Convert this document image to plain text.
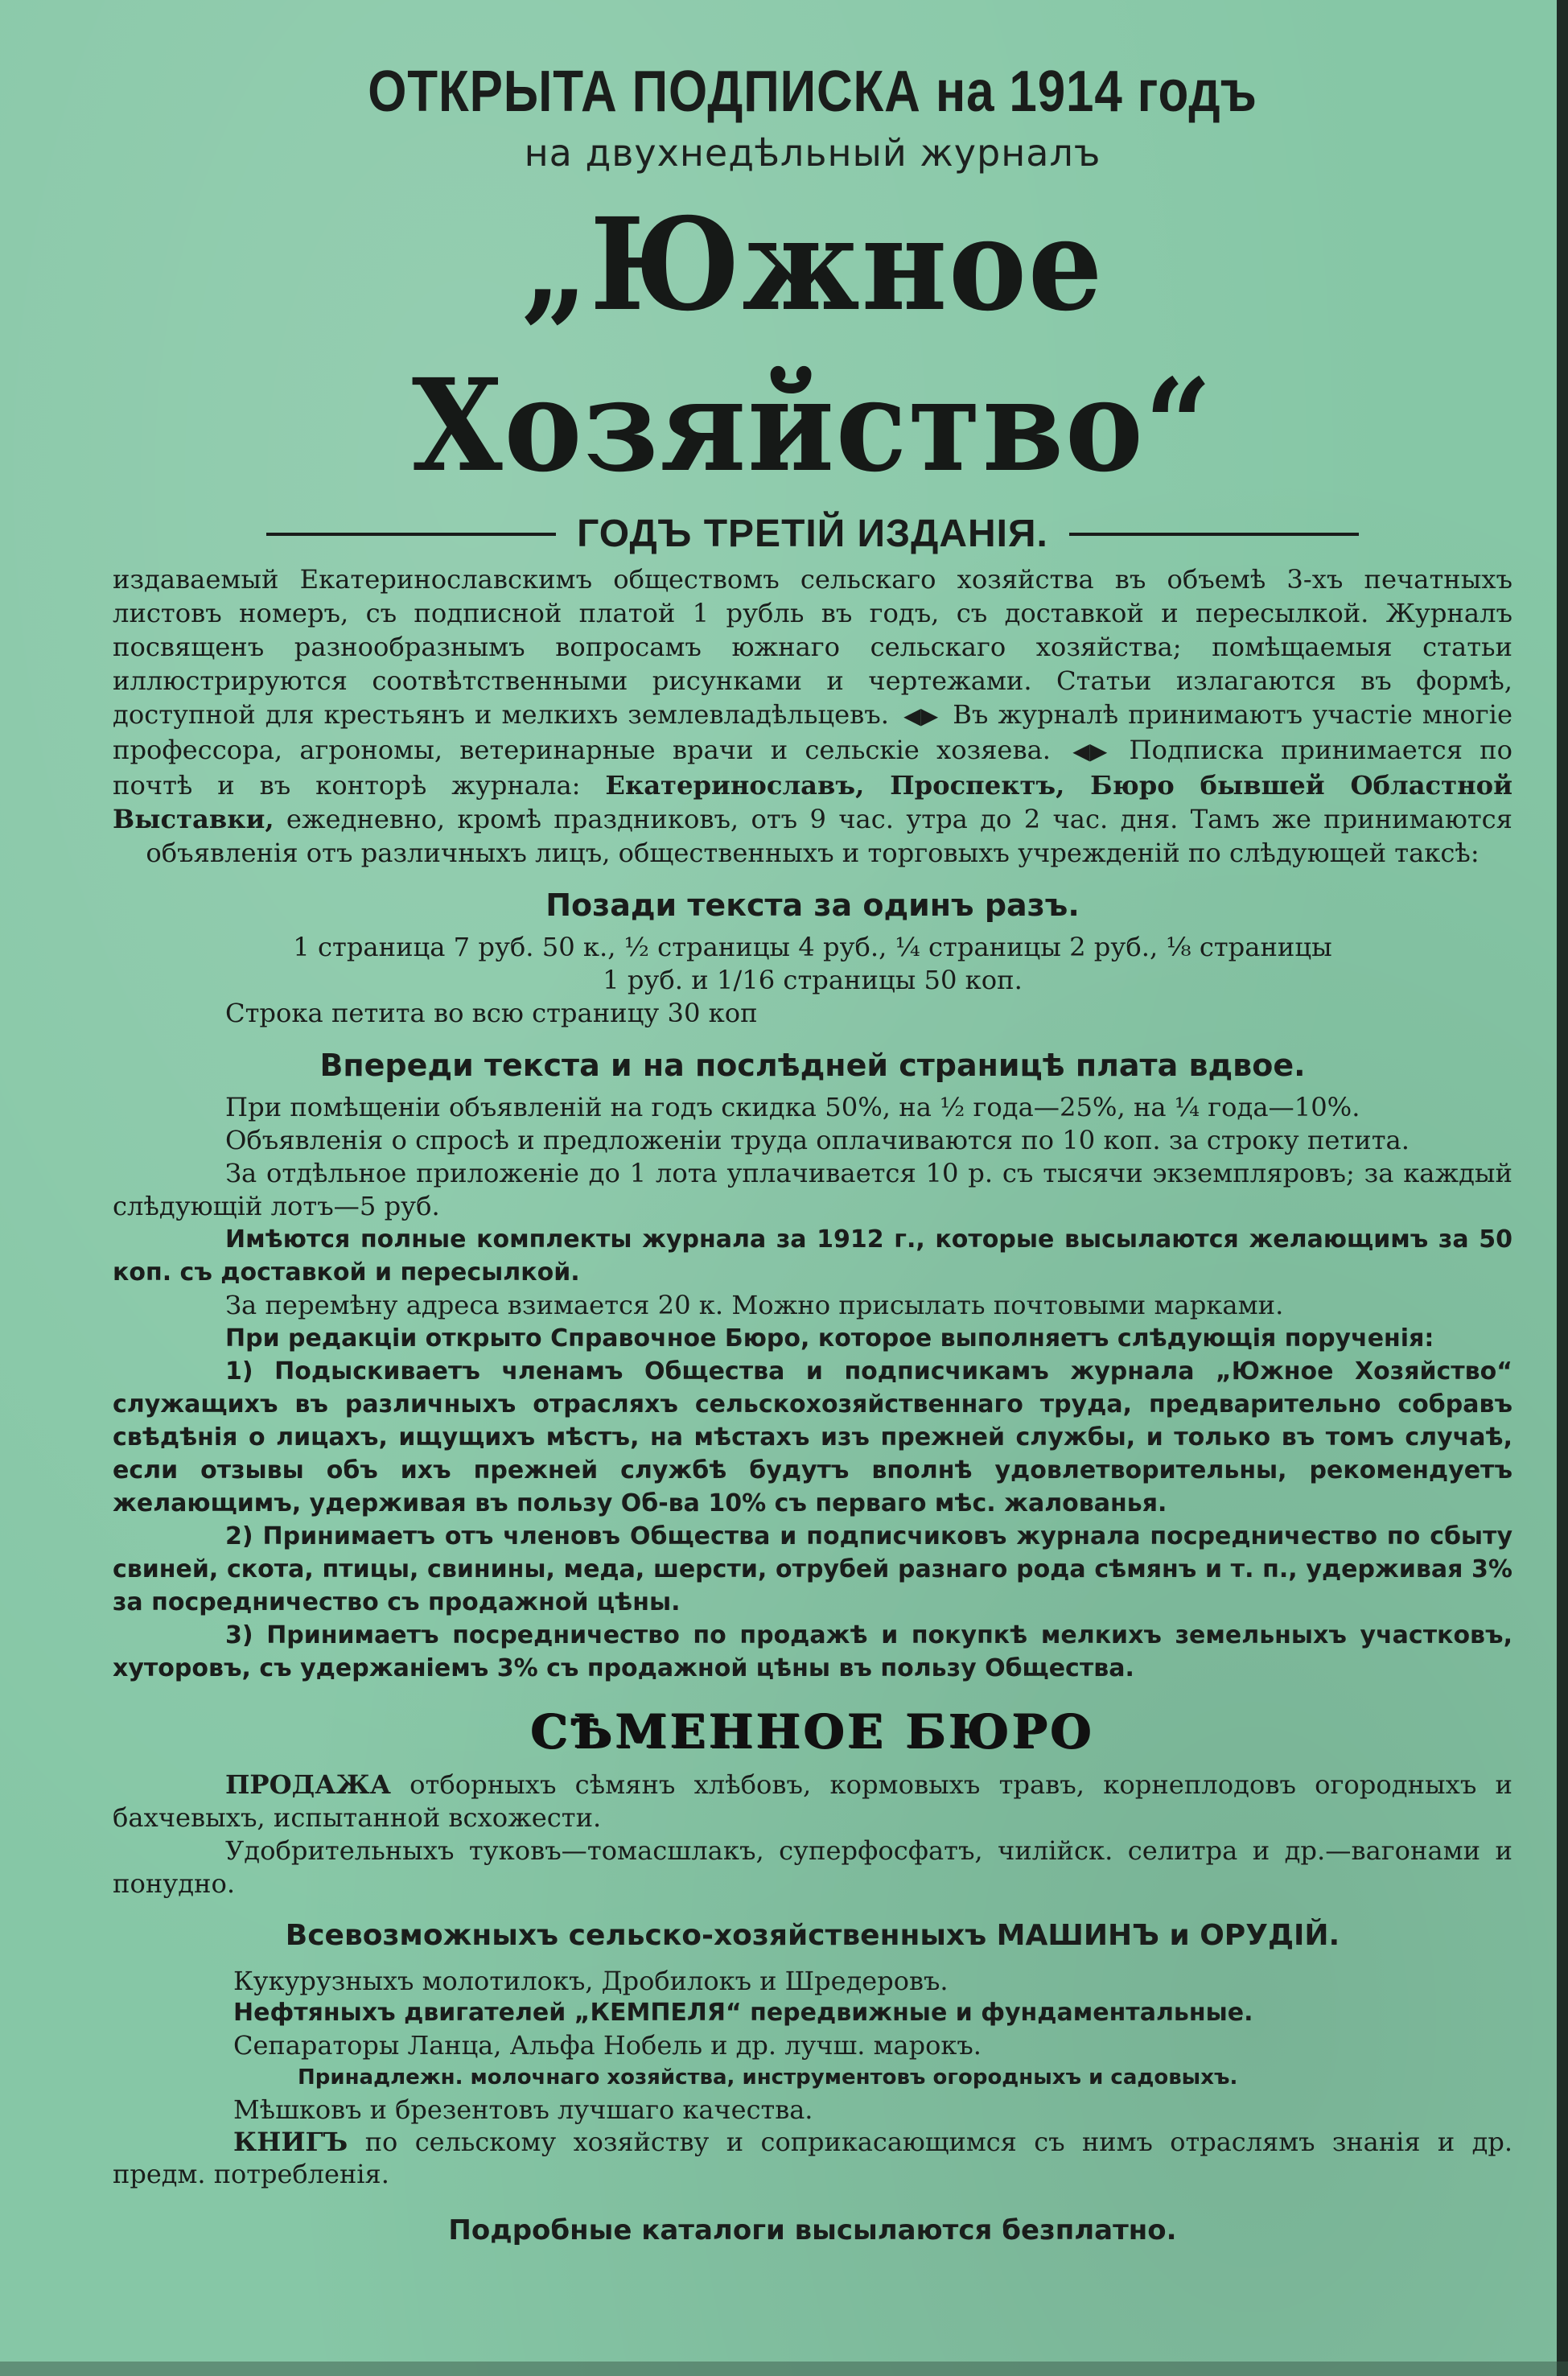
ОТКРЫТА ПОДПИСКА на 1914 годъ

на двухнедѣльный журналъ

„Южное Хозяйство“

ГОДЪ ТРЕТІЙ ИЗДАНІЯ.

издаваемый Екатеринославскимъ обществомъ сельскаго хозяйства въ объемѣ 3-хъ печатныхъ листовъ номеръ, съ подписной платой 1 рубль въ годъ, съ доставкой и пересылкой. Журналъ посвященъ разнообразнымъ вопросамъ южнаго сельскаго хозяйства; помѣщаемыя статьи иллюстрируются соотвѣтственными рисунками и чертежами. Статьи излагаются въ формѣ, доступной для крестьянъ и мелкихъ землевладѣльцевъ. ◀▶ Въ журналѣ принимаютъ участіе многіе профессора, агрономы, ветеринарные врачи и сельскіе хозяева. ◀▶ Подписка принимается по почтѣ и въ конторѣ журнала: Екатеринославъ, Проспектъ, Бюро бывшей Областной Выставки, ежедневно, кромѣ праздниковъ, отъ 9 час. утра до 2 час. дня. Тамъ же принимаются объявленія отъ различныхъ лицъ, общественныхъ и торговыхъ учрежденій по слѣдующей таксѣ:

Позади текста за одинъ разъ.

1 страница 7 руб. 50 к., ½ страницы 4 руб., ¼ страницы 2 руб., ⅛ страницы

1 руб. и 1/16 страницы 50 коп.

Строка петита во всю страницу 30 коп

Впереди текста и на послѣдней страницѣ плата вдвое.

При помѣщеніи объявленій на годъ скидка 50%, на ½ года—25%, на ¼ года—10%.

Объявленія о спросѣ и предложеніи труда оплачиваются по 10 коп. за строку петита.

За отдѣльное приложеніе до 1 лота уплачивается 10 р. съ тысячи экземпляровъ; за каждый слѣдующій лотъ—5 руб.

Имѣются полные комплекты журнала за 1912 г., которые высылаются желающимъ за 50 коп. съ доставкой и пересылкой.

За перемѣну адреса взимается 20 к. Можно присылать почтовыми марками.

При редакціи открыто Справочное Бюро, которое выполняетъ слѣдующія порученія:

1) Подыскиваетъ членамъ Общества и подписчикамъ журнала „Южное Хозяйство“ служащихъ въ различныхъ отрасляхъ сельскохозяйственнаго труда, предварительно собравъ свѣдѣнія о лицахъ, ищущихъ мѣстъ, на мѣстахъ изъ прежней службы, и только въ томъ случаѣ, если отзывы объ ихъ прежней службѣ будутъ вполнѣ удовлетворительны, рекомендуетъ желающимъ, удерживая въ пользу Об-ва 10% съ перваго мѣс. жалованья.

2) Принимаетъ отъ членовъ Общества и подписчиковъ журнала посредничество по сбыту свиней, скота, птицы, свинины, меда, шерсти, отрубей разнаго рода сѣмянъ и т. п., удерживая 3% за посредничество съ продажной цѣны.

3) Принимаетъ посредничество по продажѣ и покупкѣ мелкихъ земельныхъ участковъ, хуторовъ, съ удержаніемъ 3% съ продажной цѣны въ пользу Общества.

СѢМЕННОЕ БЮРО

ПРОДАЖА отборныхъ сѣмянъ хлѣбовъ, кормовыхъ травъ, корнеплодовъ огородныхъ и бахчевыхъ, испытанной всхожести.

Удобрительныхъ туковъ—томасшлакъ, суперфосфатъ, чилійск. селитра и др.—вагонами и понудно.

Всевозможныхъ сельско-хозяйственныхъ МАШИНЪ и ОРУДІЙ.

Кукурузныхъ молотилокъ, Дробилокъ и Шредеровъ.

Нефтяныхъ двигателей „КЕМПЕЛЯ“ передвижные и фундаментальные.

Сепараторы Ланца, Альфа Нобель и др. лучш. марокъ.

Принадлежн. молочнаго хозяйства, инструментовъ огородныхъ и садовыхъ.

Мѣшковъ и брезентовъ лучшаго качества.

КНИГЪ по сельскому хозяйству и соприкасающимся съ нимъ отраслямъ знанія и др. предм. потребленія.

Подробные каталоги высылаются безплатно.
